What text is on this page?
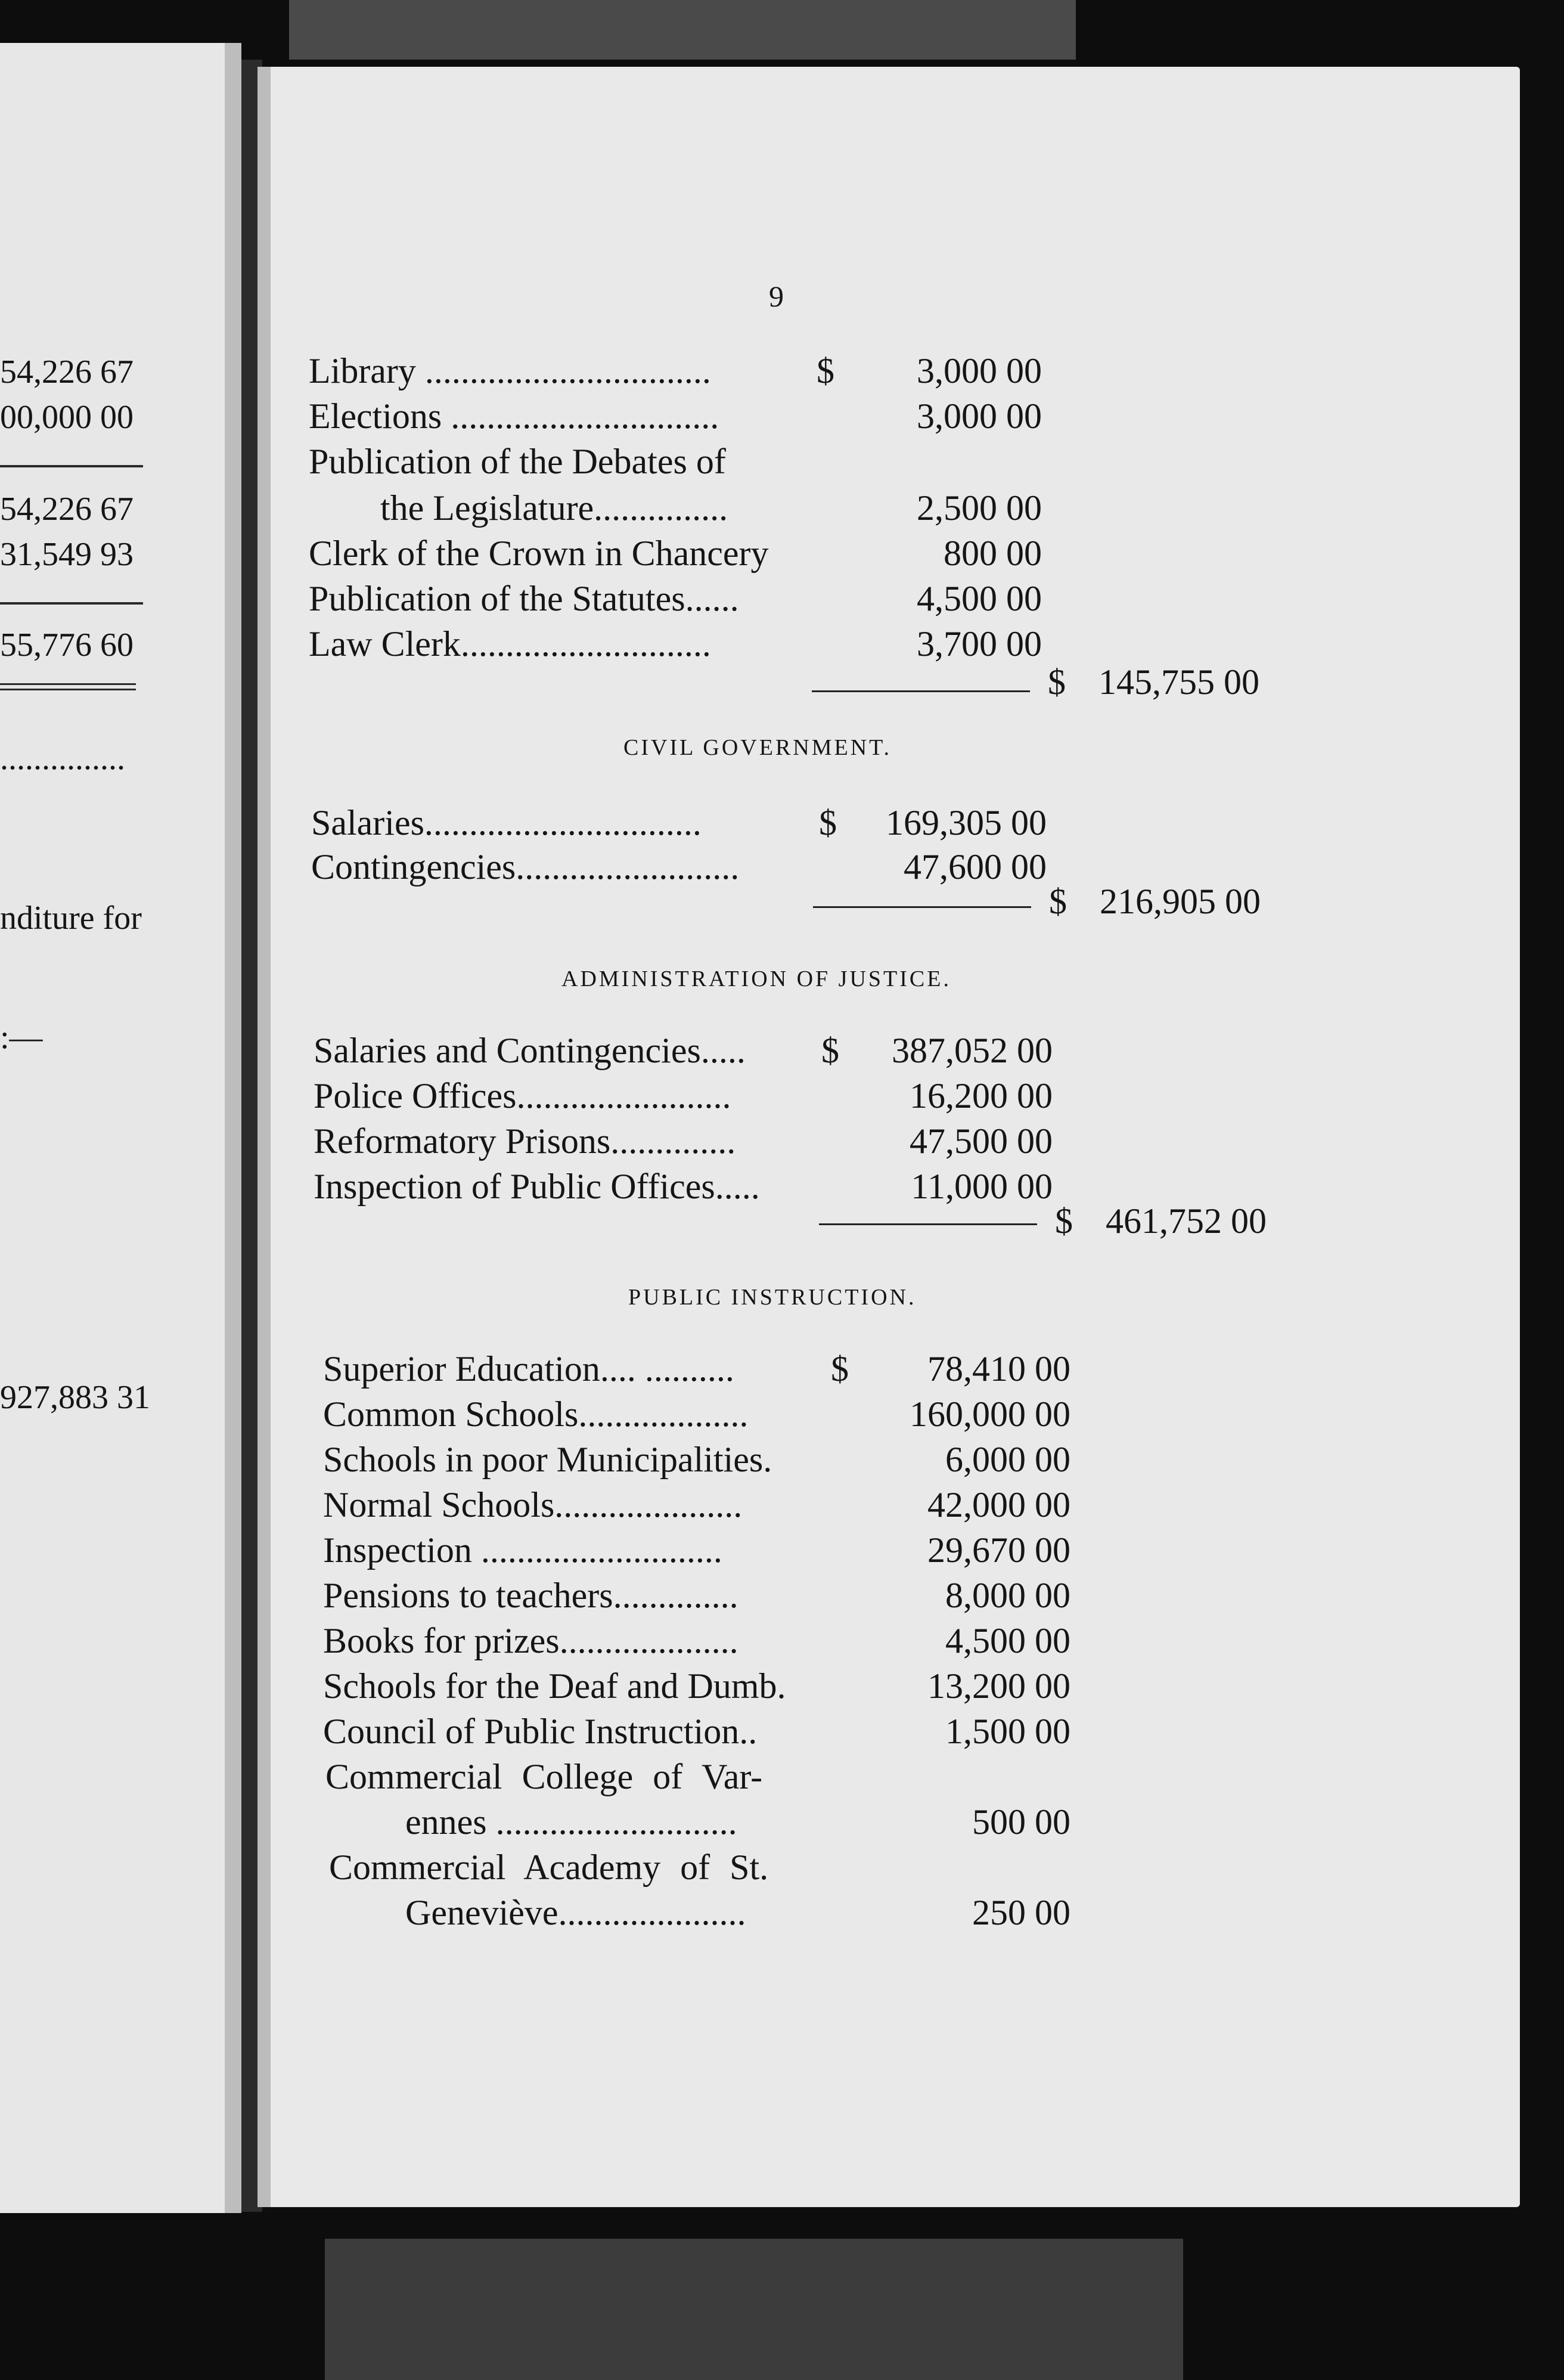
54,226 67
00,000 00
54,226 67
31,549 93
55,776 60
...............
nditure for
:—
927,883 31
9
Library ................................	$	3,000 00
Elections ..............................	3,000 00
Publication of the Debates of
the Legislature...............	2,500 00
Clerk of the Crown in Chancery	800 00
Publication of the Statutes......	4,500 00
Law Clerk............................	3,700 00
$ 145,755 00
CIVIL GOVERNMENT.
Salaries...............................	$	169,305 00
Contingencies.........................	47,600 00
$ 216,905 00
ADMINISTRATION OF JUSTICE.
Salaries and Contingencies..... $	387,052 00
Police Offices........................	16,200 00
Reformatory Prisons..............	47,500 00
Inspection of Public Offices.....	11,000 00
$ 461,752 00
PUBLIC INSTRUCTION.
Superior Education.... ..........	$	78,410 00
Common Schools...................	160,000 00
Schools in poor Municipalities.	6,000 00
Normal Schools.....................	42,000 00
Inspection ...........................	29,670 00
Pensions to teachers..............	8,000 00
Books for prizes....................	4,500 00
Schools for the Deaf and Dumb.	13,200 00
Council of Public Instruction..	1,500 00
Commercial College of Var-
ennes ...........................	500 00
Commercial Academy of St.
Geneviève.....................	250 00
